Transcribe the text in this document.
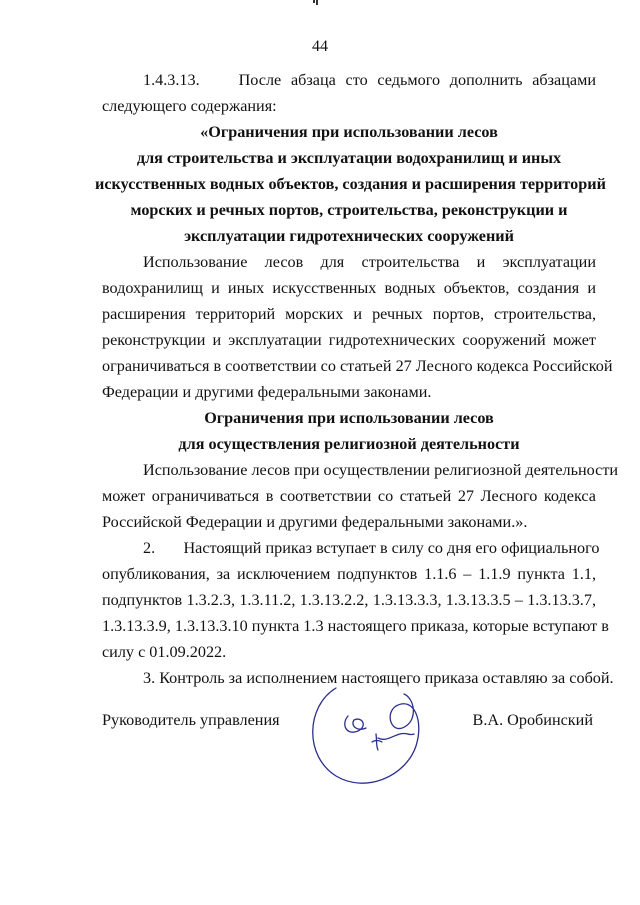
44
1.4.3.13.    После абзаца сто седьмого дополнить абзацами
следующего содержания:
«Ограничения при использовании лесов
для строительства и эксплуатации водохранилищ и иных
искусственных водных объектов, создания и расширения территорий
морских и речных портов, строительства, реконструкции и
эксплуатации гидротехнических сооружений
Использование лесов для строительства и эксплуатации
водохранилищ и иных искусственных водных объектов, создания и
расширения территорий морских и речных портов, строительства,
реконструкции и эксплуатации гидротехнических сооружений может
ограничиваться в соответствии со статьей 27 Лесного кодекса Российской
Федерации и другими федеральными законами.
Ограничения при использовании лесов
для осуществления религиозной деятельности
Использование лесов при осуществлении религиозной деятельности
может ограничиваться в соответствии со статьей 27 Лесного кодекса
Российской Федерации и другими федеральными законами.».
2.       Настоящий приказ вступает в силу со дня его официального
опубликования, за исключением подпунктов 1.1.6 – 1.1.9 пункта 1.1,
подпунктов 1.3.2.3, 1.3.11.2, 1.3.13.2.2, 1.3.13.3.3, 1.3.13.3.5 – 1.3.13.3.7,
1.3.13.3.9, 1.3.13.3.10 пункта 1.3 настоящего приказа, которые вступают в
силу с 01.09.2022.
3. Контроль за исполнением настоящего приказа оставляю за собой.
Руководитель управления	В.А. Оробинский
